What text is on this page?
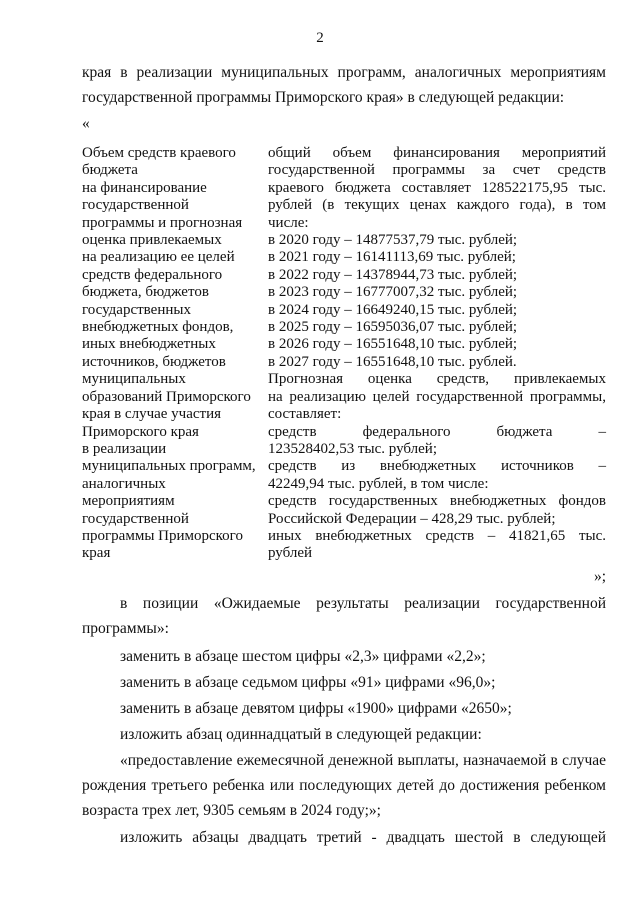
2
края в реализации муниципальных программ, аналогичных мероприятиям
государственной программы Приморского края» в следующей редакции:
«
Объем средств краевого
бюджета
на финансирование
государственной
программы и прогнозная
оценка привлекаемых
на реализацию ее целей
средств федерального
бюджета, бюджетов
государственных
внебюджетных фондов,
иных внебюджетных
источников, бюджетов
муниципальных
образований Приморского
края в случае участия
Приморского края
в реализации
муниципальных программ,
аналогичных
мероприятиям
государственной
программы Приморского
края
общий объем финансирования мероприятий
государственной программы за счет средств
краевого бюджета составляет 128522175,95 тыс.
рублей (в текущих ценах каждого года), в том
числе:
в 2020 году – 14877537,79 тыс. рублей;
в 2021 году – 16141113,69 тыс. рублей;
в 2022 году – 14378944,73 тыс. рублей;
в 2023 году – 16777007,32 тыс. рублей;
в 2024 году – 16649240,15 тыс. рублей;
в 2025 году – 16595036,07 тыс. рублей;
в 2026 году – 16551648,10 тыс. рублей;
в 2027 году – 16551648,10 тыс. рублей.
Прогнозная оценка средств, привлекаемых
на реализацию целей государственной программы,
составляет:
средств федерального бюджета –
123528402,53 тыс. рублей;
средств из внебюджетных источников –
42249,94 тыс. рублей, в том числе:
средств государственных внебюджетных фондов
Российской Федерации – 428,29 тыс. рублей;
иных внебюджетных средств – 41821,65 тыс.
рублей
»;
в позиции «Ожидаемые результаты реализации государственной
программы»:
заменить в абзаце шестом цифры «2,3» цифрами «2,2»;
заменить в абзаце седьмом цифры «91» цифрами «96,0»;
заменить в абзаце девятом цифры «1900» цифрами «2650»;
изложить абзац одиннадцатый в следующей редакции:
«предоставление ежемесячной денежной выплаты, назначаемой в случае
рождения третьего ребенка или последующих детей до достижения ребенком
возраста трех лет, 9305 семьям в 2024 году;»;
изложить абзацы двадцать третий - двадцать шестой в следующей
